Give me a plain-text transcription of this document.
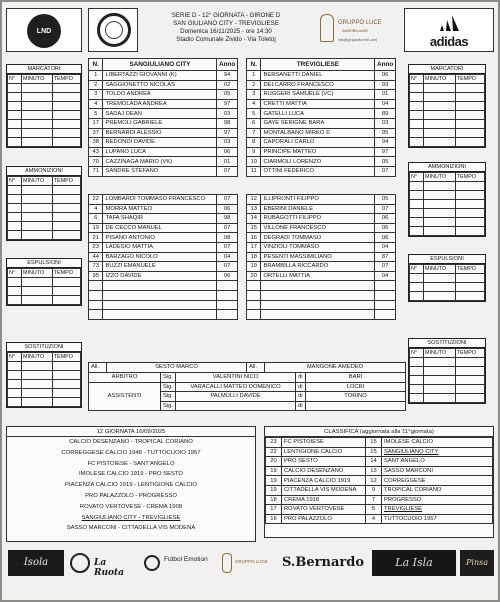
LND
SERIE D - 12° GIORNATA - GIRONE D
SAN GIULIANO CITY - TREVIGLIESE
Domenica 16/11/2025 - ore 14:30
Stadio Comunale Zivido - Via Toletoj
GRUPPO LUCE
IMMOBILIARE
info@gruppolucesrl.com	adidas
MARCATORI
N°	MINUTO	TEMPO

AMMONIZIONI
N°	MINUTO	TEMPO

ESPULSIONI
N°	MINUTO	TEMPO

SOSTITUZIONI
N°	MINUTO	TEMPO

N.	SANGIULIANO CITY	Anno
1	LIBERTAZZI GIOVANNI (K)	94
2	SAGGIONETTO NICOLAS	02
3	TOLDO ANDREA	05
4	TREMOLADA ANDREA	97
5	SADAJ DEAN	03
17	PREMOLI GABRIELE	98
37	BERNARDI ALESSIO	97
38	REDONDI DAVIDE	03
43	LUPANO LUCA	06
70	CAZZINAGA MARIO (VK)	01
71	SANDRE STEFANO	07
22	LOMBARDI TOMMASO FRANCESCO	07
4	MORRA MATTEO	06
6	TAFA SHAQIR	98
19	DE CECCO MANUEL	07
21	PISANO ANTONIO	08
23	LADESIO MATTIA	07
44	BARZAGO NICOLO	04
73	BUZZI EMANUELE	07
95	IZZO DAVIDE	06

N.	TREVIGLIESE	Anno
1	BERSANETTI DANIEL	06
2	DELCARRO FRANCESCO	93
3	RUGGERI SAMUELE (VC)	01
4	CRETTI MATTIA	04
5	GATELLI LUCA	89
6	GAYE SERIGNE BARA	03
7	MONTALBANO MIRKO ©	95
8	CAPORALI CARLO	94
9	PRINCIPE MATTEO	97
10	CIARMOLI LORENZO	05
11	OTTINI FEDERICO	07
12	ILLIPRONTI FILIPPO	05
13	EBERINI DANIELE	07
14	RUBAGOTTI FILIPPO	06
15	VILLONE FRANCESCO	06
16	DEGRADI TOMMASO	06
17	VINZIOLI TOMMASO	04
18	PESENTI MASSIMILIANO	87
19	BRAMBILLA RICCARDO	07
20	ORTELLI MATTIA	04

MARCATORI
N°	MINUTO	TEMPO

AMMONIZIONI
N°	MINUTO	TEMPO

ESPULSIONI
N°	MINUTO	TEMPO

SOSTITUZIONI
N°	MINUTO	TEMPO

All.	SESTO MARCO	All.	MANGONE AMEDEO
ARBITRO	Sig.	VALENTINI NICO	di	BARI
ASSISTENTI	Sig.	VARACALLI MATTEO DOMENICO	di	LOCRI
	Sig.	PALMULLI DAVIDE	di	TORINO
	Sig.		di	
12 GIORNATA 16/09/2025
CALCIO DESENZANO - TROPICAL CORIANO
CORREGGESE CALCIO 1948 - TUTTOCUOIO 1957
FC PISTOIESE - SANT'ANGELO
IMOLESE CALCIO 1919 - PRO SESTO
PIACENZA CALCIO 1919 - LENTIGIONE CALCIO
PRO PALAZZOLO - PROGRESSO
ROVATO VERTOVESE - CREMA 1908
SANGIULIANO CITY - TREVIGLIESE
SASSO MARCONI - CITTADELLA VIS MODENA
CLASSIFICA (aggiornata alla 11°giornata)
23	FC PISTOIESE	15	IMOLESE CALCIO
22	LENTIGIONE CALCIO	15	SANGIULIANO CITY
20	PRO SESTO	14	SANT'ANGELO
19	CALCIO DESENZANO	13	SASSO MARCONI
19	PIACENZA CALCIO 1919	12	CORREGGESE
19	CITTADELLA VIS MODENA	9	TROPICAL CORIANO
18	CREMA 1918	7	PROGRESSO
17	ROVATO VERTOVESE	5	TREVIGLIESE
16	PRO PALAZZOLO	4	TUTTOCUOIO 1957
Isola	La Ruota
Fútbol Emotion	GRUPPO LUCE	S.Bernardo	La Isla	Pinsa
